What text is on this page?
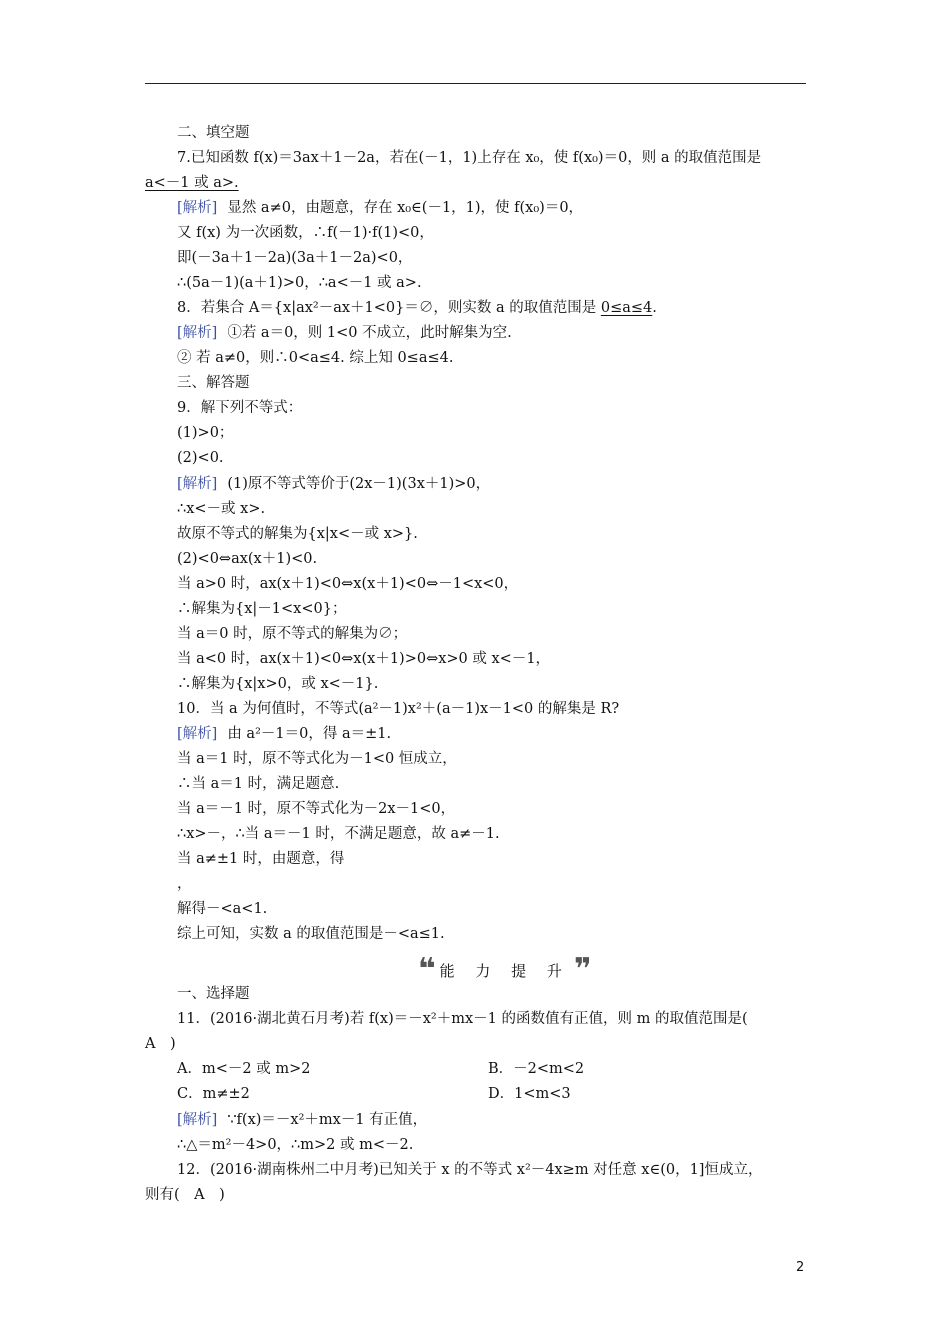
二、填空题
7.已知函数 f(x)＝3ax＋1－2a，若在(－1，1)上存在 x₀，使 f(x₀)＝0，则 a 的取值范围是
a<－1 或 a>.
[解析] 显然 a≠0，由题意，存在 x₀∈(－1，1)，使 f(x₀)＝0，
又 f(x) 为一次函数，∴f(－1)·f(1)<0，
即(－3a＋1－2a)(3a＋1－2a)<0，
∴(5a－1)(a＋1)>0，∴a<－1 或 a>.
8．若集合 A＝{x|ax²－ax＋1<0}＝∅，则实数 a 的取值范围是 0≤a≤4.
[解析] ①若 a＝0，则 1<0 不成立，此时解集为空.
② 若 a≠0，则∴0<a≤4. 综上知 0≤a≤4.
三、解答题
9．解下列不等式：
(1)>0；
(2)<0.
[解析] (1)原不等式等价于(2x－1)(3x＋1)>0，
∴x<－或 x>.
故原不等式的解集为{x|x<－或 x>}.
(2)<0⇔ax(x＋1)<0.
当 a>0 时，ax(x＋1)<0⇔x(x＋1)<0⇔－1<x<0，
∴解集为{x|－1<x<0}；
当 a＝0 时，原不等式的解集为∅；
当 a<0 时，ax(x＋1)<0⇔x(x＋1)>0⇔x>0 或 x<－1，
∴解集为{x|x>0，或 x<－1}.
10．当 a 为何值时，不等式(a²－1)x²＋(a－1)x－1<0 的解集是 R?
[解析] 由 a²－1＝0，得 a＝±1.
当 a＝1 时，原不等式化为－1<0 恒成立，
∴当 a＝1 时，满足题意.
当 a＝－1 时，原不等式化为－2x－1<0，
∴x>－，∴当 a＝－1 时，不满足题意，故 a≠－1.
当 a≠±1 时，由题意，得
，
解得－<a<1.
综上可知，实数 a 的取值范围是－<a≤1.
一、选择题
11．(2016·湖北黄石月考)若 f(x)＝－x²＋mx－1 的函数值有正值，则 m 的取值范围是(
A　)
A．m<－2 或 m>2	B．－2<m<2
C．m≠±2	D．1<m<3
[解析] ∵f(x)＝－x²＋mx－1 有正值，
∴△＝m²－4>0，∴m>2 或 m<－2.
12．(2016·湖南株州二中月考)已知关于 x 的不等式 x²－4x≥m 对任意 x∈(0，1]恒成立，
则有(　A　)
❝ 能 力 提 升 ❞
2
